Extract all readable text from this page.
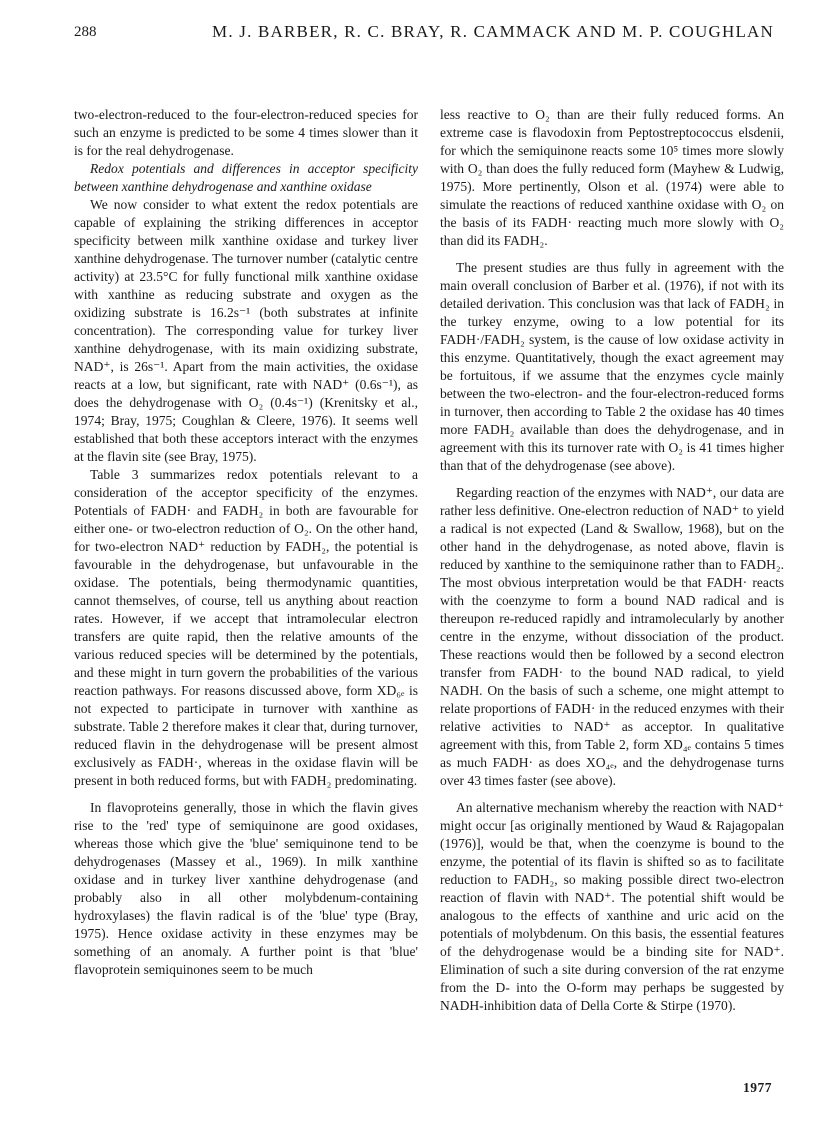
288	M. J. BARBER, R. C. BRAY, R. CAMMACK AND M. P. COUGHLAN

two-electron-reduced to the four-electron-reduced species for such an enzyme is predicted to be some 4 times slower than it is for the real dehydrogenase.

Redox potentials and differences in acceptor specificity between xanthine dehydrogenase and xanthine oxidase

We now consider to what extent the redox potentials are capable of explaining the striking differences in acceptor specificity between milk xanthine oxidase and turkey liver xanthine dehydrogenase. The turnover number (catalytic centre activity) at 23.5°C for fully functional milk xanthine oxidase with xanthine as reducing substrate and oxygen as the oxidizing substrate is 16.2s⁻¹ (both substrates at infinite concentration). The corresponding value for turkey liver xanthine dehydrogenase, with its main oxidizing substrate, NAD⁺, is 26s⁻¹. Apart from the main activities, the oxidase reacts at a low, but significant, rate with NAD⁺ (0.6s⁻¹), as does the dehydrogenase with O₂ (0.4s⁻¹) (Krenitsky et al., 1974; Bray, 1975; Coughlan & Cleere, 1976). It seems well established that both these acceptors interact with the enzymes at the flavin site (see Bray, 1975).

Table 3 summarizes redox potentials relevant to a consideration of the acceptor specificity of the enzymes. Potentials of FADH· and FADH₂ in both are favourable for either one- or two-electron reduction of O₂. On the other hand, for two-electron NAD⁺ reduction by FADH₂, the potential is favourable in the dehydrogenase, but unfavourable in the oxidase. The potentials, being thermodynamic quantities, cannot themselves, of course, tell us anything about reaction rates. However, if we accept that intramolecular electron transfers are quite rapid, then the relative amounts of the various reduced species will be determined by the potentials, and these might in turn govern the probabilities of the various reaction pathways. For reasons discussed above, form XD₆ₑ is not expected to participate in turnover with xanthine as substrate. Table 2 therefore makes it clear that, during turnover, reduced flavin in the dehydrogenase will be present almost exclusively as FADH·, whereas in the oxidase flavin will be present in both reduced forms, but with FADH₂ predominating.

In flavoproteins generally, those in which the flavin gives rise to the 'red' type of semiquinone are good oxidases, whereas those which give the 'blue' semiquinone tend to be dehydrogenases (Massey et al., 1969). In milk xanthine oxidase and in turkey liver xanthine dehydrogenase (and probably also in all other molybdenum-containing hydroxylases) the flavin radical is of the 'blue' type (Bray, 1975). Hence oxidase activity in these enzymes may be something of an anomaly. A further point is that 'blue' flavoprotein semiquinones seem to be much

less reactive to O₂ than are their fully reduced forms. An extreme case is flavodoxin from Peptostreptococcus elsdenii, for which the semiquinone reacts some 10⁵ times more slowly with O₂ than does the fully reduced form (Mayhew & Ludwig, 1975). More pertinently, Olson et al. (1974) were able to simulate the reactions of reduced xanthine oxidase with O₂ on the basis of its FADH· reacting much more slowly with O₂ than did its FADH₂.

The present studies are thus fully in agreement with the main overall conclusion of Barber et al. (1976), if not with its detailed derivation. This conclusion was that lack of FADH₂ in the turkey enzyme, owing to a low potential for its FADH·/FADH₂ system, is the cause of low oxidase activity in this enzyme. Quantitatively, though the exact agreement may be fortuitous, if we assume that the enzymes cycle mainly between the two-electron- and the four-electron-reduced forms in turnover, then according to Table 2 the oxidase has 40 times more FADH₂ available than does the dehydrogenase, and in agreement with this its turnover rate with O₂ is 41 times higher than that of the dehydrogenase (see above).

Regarding reaction of the enzymes with NAD⁺, our data are rather less definitive. One-electron reduction of NAD⁺ to yield a radical is not expected (Land & Swallow, 1968), but on the other hand in the dehydrogenase, as noted above, flavin is reduced by xanthine to the semiquinone rather than to FADH₂. The most obvious interpretation would be that FADH· reacts with the coenzyme to form a bound NAD radical and is thereupon re-reduced rapidly and intramolecularly by another centre in the enzyme, without dissociation of the product. These reactions would then be followed by a second electron transfer from FADH· to the bound NAD radical, to yield NADH. On the basis of such a scheme, one might attempt to relate proportions of FADH· in the reduced enzymes with their relative activities to NAD⁺ as acceptor. In qualitative agreement with this, from Table 2, form XD₄ₑ contains 5 times as much FADH· as does XO₄ₑ, and the dehydrogenase turns over 43 times faster (see above).

An alternative mechanism whereby the reaction with NAD⁺ might occur [as originally mentioned by Waud & Rajagopalan (1976)], would be that, when the coenzyme is bound to the enzyme, the potential of its flavin is shifted so as to facilitate reduction to FADH₂, so making possible direct two-electron reaction of flavin with NAD⁺. The potential shift would be analogous to the effects of xanthine and uric acid on the potentials of molybdenum. On this basis, the essential features of the dehydrogenase would be a binding site for NAD⁺. Elimination of such a site during conversion of the rat enzyme from the D- into the O-form may perhaps be suggested by NADH-inhibition data of Della Corte & Stirpe (1970).

1977
